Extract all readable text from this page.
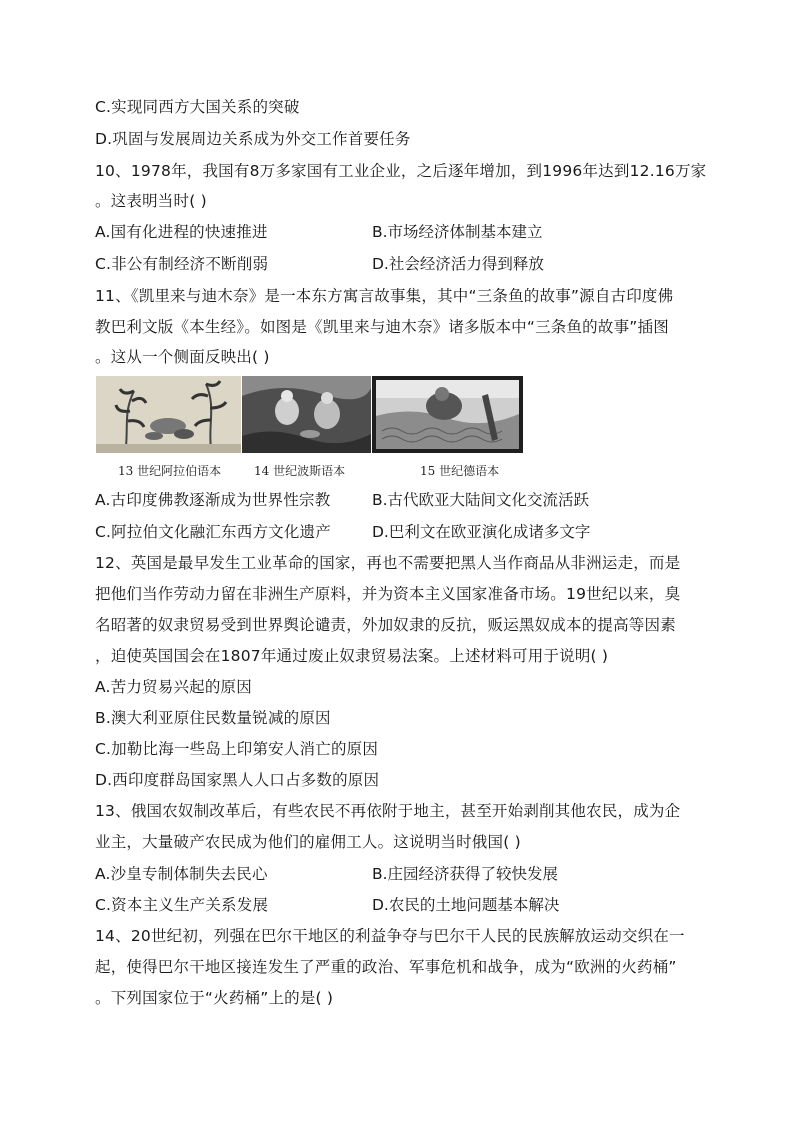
C.实现同西方大国关系的突破
D.巩固与发展周边关系成为外交工作首要任务
10、1978年，我国有8万多家国有工业企业，之后逐年增加，到1996年达到12.16万家
。这表明当时( )
A.国有化进程的快速推进	B.市场经济体制基本建立
C.非公有制经济不断削弱	D.社会经济活力得到释放
11、《凯里来与迪木奈》是一本东方寓言故事集，其中“三条鱼的故事”源自古印度佛
教巴利文版《本生经》。如图是《凯里来与迪木奈》诸多版本中“三条鱼的故事”插图
。这从一个侧面反映出( )
13 世纪阿拉伯语本	14 世纪波斯语本	15 世纪德语本
A.古印度佛教逐渐成为世界性宗教	B.古代欧亚大陆间文化交流活跃
C.阿拉伯文化融汇东西方文化遗产	D.巴利文在欧亚演化成诸多文字
12、英国是最早发生工业革命的国家，再也不需要把黑人当作商品从非洲运走，而是
把他们当作劳动力留在非洲生产原料，并为资本主义国家准备市场。19世纪以来，臭
名昭著的奴隶贸易受到世界舆论谴责，外加奴隶的反抗，贩运黑奴成本的提高等因素
，迫使英国国会在1807年通过废止奴隶贸易法案。上述材料可用于说明( )
A.苦力贸易兴起的原因
B.澳大利亚原住民数量锐减的原因
C.加勒比海一些岛上印第安人消亡的原因
D.西印度群岛国家黑人人口占多数的原因
13、俄国农奴制改革后，有些农民不再依附于地主，甚至开始剥削其他农民，成为企
业主，大量破产农民成为他们的雇佣工人。这说明当时俄国( )
A.沙皇专制体制失去民心	B.庄园经济获得了较快发展
C.资本主义生产关系发展	D.农民的土地问题基本解决
14、20世纪初，列强在巴尔干地区的利益争夺与巴尔干人民的民族解放运动交织在一
起，使得巴尔干地区接连发生了严重的政治、军事危机和战争，成为“欧洲的火药桶”
。下列国家位于“火药桶”上的是( )
